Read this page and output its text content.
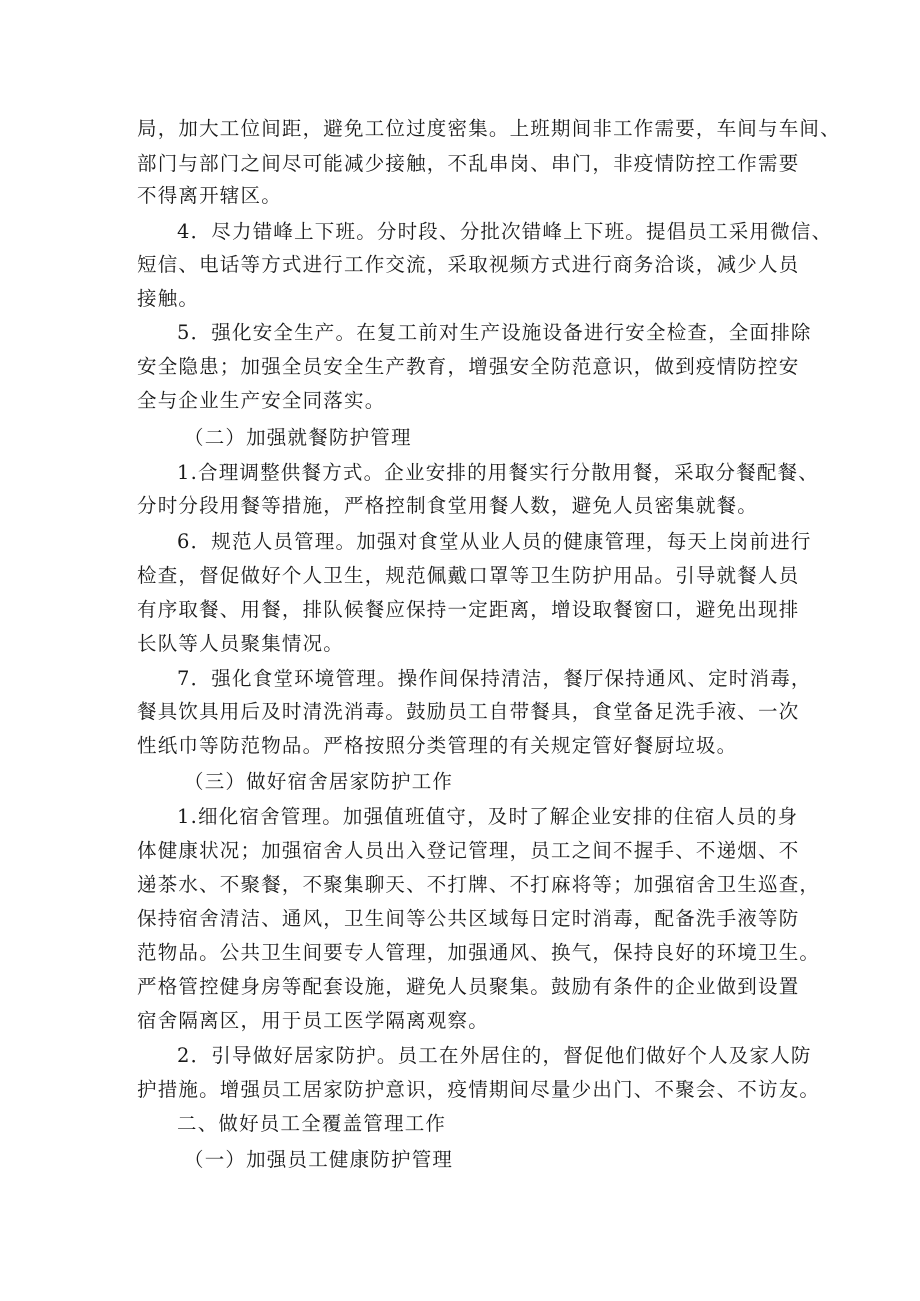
局，加大工位间距，避免工位过度密集。上班期间非工作需要，车间与车间、
部门与部门之间尽可能减少接触，不乱串岗、串门，非疫情防控工作需要
不得离开辖区。
4．尽力错峰上下班。分时段、分批次错峰上下班。提倡员工采用微信、
短信、电话等方式进行工作交流，采取视频方式进行商务洽谈，减少人员
接触。
5．强化安全生产。在复工前对生产设施设备进行安全检查，全面排除
安全隐患；加强全员安全生产教育，增强安全防范意识，做到疫情防控安
全与企业生产安全同落实。
（二）加强就餐防护管理
1.合理调整供餐方式。企业安排的用餐实行分散用餐，采取分餐配餐、
分时分段用餐等措施，严格控制食堂用餐人数，避免人员密集就餐。
6．规范人员管理。加强对食堂从业人员的健康管理，每天上岗前进行
检查，督促做好个人卫生，规范佩戴口罩等卫生防护用品。引导就餐人员
有序取餐、用餐，排队候餐应保持一定距离，增设取餐窗口，避免出现排
长队等人员聚集情况。
7．强化食堂环境管理。操作间保持清洁，餐厅保持通风、定时消毒，
餐具饮具用后及时清洗消毒。鼓励员工自带餐具，食堂备足洗手液、一次
性纸巾等防范物品。严格按照分类管理的有关规定管好餐厨垃圾。
（三）做好宿舍居家防护工作
1.细化宿舍管理。加强值班值守，及时了解企业安排的住宿人员的身
体健康状况；加强宿舍人员出入登记管理，员工之间不握手、不递烟、不
递茶水、不聚餐，不聚集聊天、不打牌、不打麻将等；加强宿舍卫生巡查，
保持宿舍清洁、通风，卫生间等公共区域每日定时消毒，配备洗手液等防
范物品。公共卫生间要专人管理，加强通风、换气，保持良好的环境卫生。
严格管控健身房等配套设施，避免人员聚集。鼓励有条件的企业做到设置
宿舍隔离区，用于员工医学隔离观察。
2．引导做好居家防护。员工在外居住的，督促他们做好个人及家人防
护措施。增强员工居家防护意识，疫情期间尽量少出门、不聚会、不访友。
二、做好员工全覆盖管理工作
（一）加强员工健康防护管理
